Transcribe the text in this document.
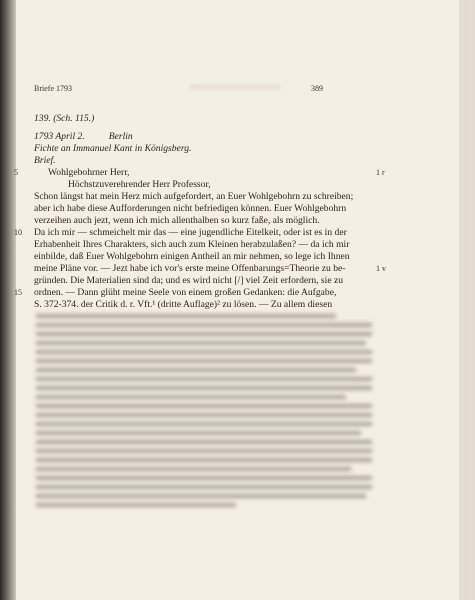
Briefe 1793	389
139. (Sch. 115.)
1793 April 2.          Berlin
Fichte an Immanuel Kant in Königsberg.
Brief.
5	1 r
Wohlgebohrner Herr,
Höchstzuverehrender Herr Professor,
Schon längst hat mein Herz mich aufgefordert, an Euer Wohlgebohrn zu schreiben;
aber ich habe diese Aufforderungen nicht befriedigen können. Euer Wohlgebohrn
verzeihen auch jezt, wenn ich mich allenthalben so kurz faße, als möglich.
10 Da ich mir — schmeichelt mir das — eine jugendliche Eitelkeit, oder ist es in der
Erhabenheit Ihres Charakters, sich auch zum Kleinen herabzulaßen? — da ich mir
einbilde, daß Euer Wohlgebohrn einigen Antheil an mir nehmen, so lege ich Ihnen
meine Pläne vor. — Jezt habe ich vor's erste meine Offenbarungs=Theorie zu be-
gründen. Die Materialien sind da; und es wird nicht [/] viel Zeit erfordern, sie zu
15
1 v
ordnen. — Dann glüht meine Seele von einem großen Gedanken: die Aufgabe,
S. 372-374. der Critik d. r. Vft.¹ (dritte Auflage)² zu lösen. — Zu allem diesen
